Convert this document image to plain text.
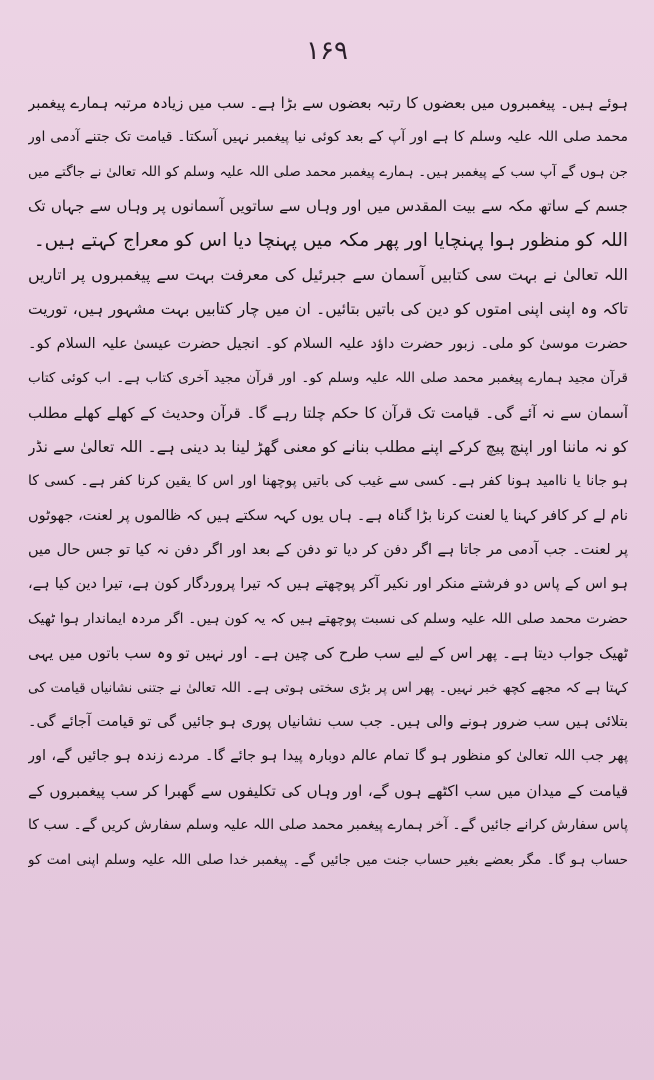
۱۶۹
ہوئے ہیں۔ پیغمبروں میں بعضوں کا رتبہ بعضوں سے بڑا ہے۔ سب میں زیادہ مرتبہ ہمارے پیغمبر
محمد صلی اللہ علیہ وسلم کا ہے اور آپ کے بعد کوئی نیا پیغمبر نہیں آسکتا۔ قیامت تک جتنے آدمی اور
جن ہوں گے آپ سب کے پیغمبر ہیں۔ ہمارے پیغمبر محمد صلی اللہ علیہ وسلم کو اللہ تعالیٰ نے جاگتے میں
جسم کے ساتھ مکہ سے بیت المقدس میں اور وہاں سے ساتویں آسمانوں پر وہاں سے جہاں تک
اللہ کو منظور ہوا پہنچایا اور پھر مکہ میں پہنچا دیا اس کو معراج کہتے ہیں۔
اللہ تعالیٰ نے بہت سی کتابیں آسمان سے جبرئیل کی معرفت بہت سے پیغمبروں پر اتاریں
تاکہ وہ اپنی اپنی امتوں کو دین کی باتیں بتائیں۔ ان میں چار کتابیں بہت مشہور ہیں، توریت
حضرت موسیٰ کو ملی۔ زبور حضرت داؤد علیہ السلام کو۔ انجیل حضرت عیسیٰ علیہ السلام کو۔
قرآن مجید ہمارے پیغمبر محمد صلی اللہ علیہ وسلم کو۔ اور قرآن مجید آخری کتاب ہے۔ اب کوئی کتاب
آسمان سے نہ آئے گی۔ قیامت تک قرآن کا حکم چلتا رہے گا۔ قرآن وحدیث کے کھلے کھلے مطلب
کو نہ ماننا اور اپنچ پیچ کرکے اپنے مطلب بنانے کو معنی گھڑ لینا بد دینی ہے۔ اللہ تعالیٰ سے نڈر
ہو جانا یا ناامید ہونا کفر ہے۔ کسی سے غیب کی باتیں پوچھنا اور اس کا یقین کرنا کفر ہے۔ کسی کا
نام لے کر کافر کہنا یا لعنت کرنا بڑا گناہ ہے۔ ہاں یوں کہہ سکتے ہیں کہ ظالموں پر لعنت، جھوٹوں
پر لعنت۔ جب آدمی مر جاتا ہے اگر دفن کر دیا تو دفن کے بعد اور اگر دفن نہ کیا تو جس حال میں
ہو اس کے پاس دو فرشتے منکر اور نکیر آکر پوچھتے ہیں کہ تیرا پروردگار کون ہے، تیرا دین کیا ہے،
حضرت محمد صلی اللہ علیہ وسلم کی نسبت پوچھتے ہیں کہ یہ کون ہیں۔ اگر مردہ ایماندار ہوا ٹھیک
ٹھیک جواب دیتا ہے۔ پھر اس کے لیے سب طرح کی چین ہے۔ اور نہیں تو وہ سب باتوں میں یہی
کہتا ہے کہ مجھے کچھ خبر نہیں۔ پھر اس پر بڑی سختی ہوتی ہے۔ اللہ تعالیٰ نے جتنی نشانیاں قیامت کی
بتلائی ہیں سب ضرور ہونے والی ہیں۔ جب سب نشانیاں پوری ہو جائیں گی تو قیامت آجائے گی۔
پھر جب اللہ تعالیٰ کو منظور ہو گا تمام عالم دوبارہ پیدا ہو جائے گا۔ مردے زندہ ہو جائیں گے، اور
قیامت کے میدان میں سب اکٹھے ہوں گے، اور وہاں کی تکلیفوں سے گھبرا کر سب پیغمبروں کے
پاس سفارش کرانے جائیں گے۔ آخر ہمارے پیغمبر محمد صلی اللہ علیہ وسلم سفارش کریں گے۔ سب کا
حساب ہو گا۔ مگر بعضے بغیر حساب جنت میں جائیں گے۔ پیغمبر خدا صلی اللہ علیہ وسلم اپنی امت کو
